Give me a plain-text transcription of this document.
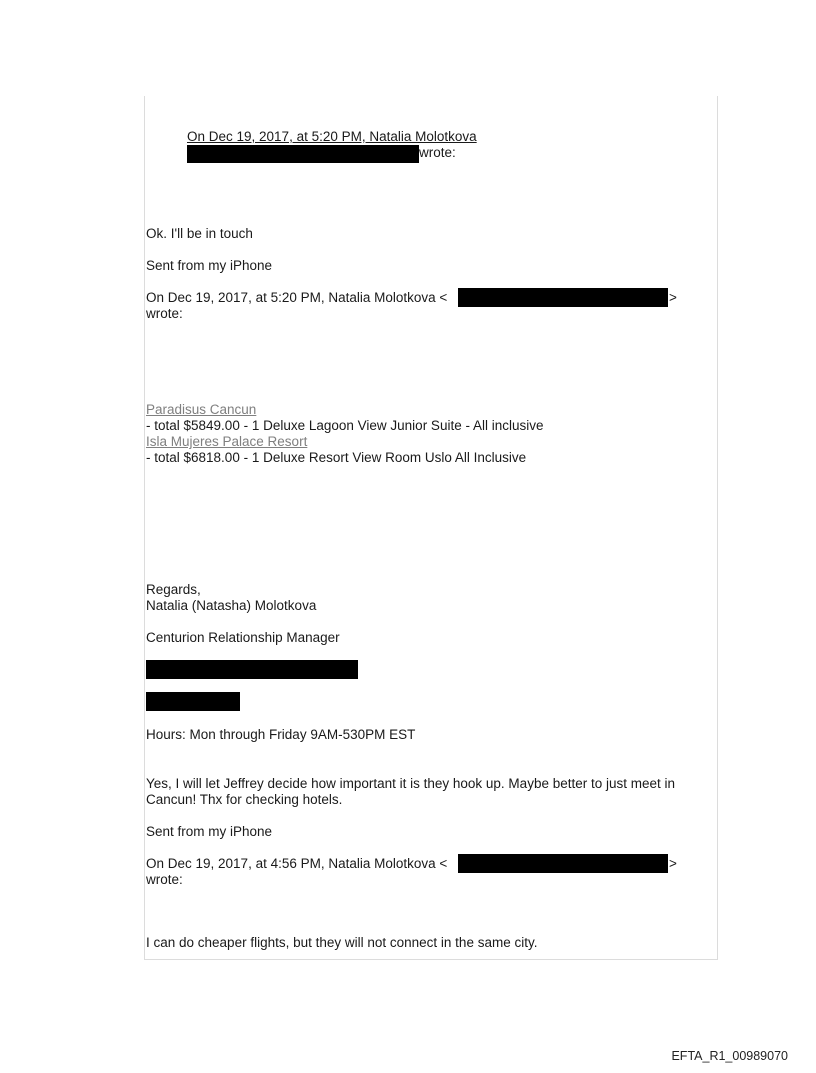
On Dec 19, 2017, at 5:20 PM, Natalia Molotkova
wrote:
Ok. I'll be in touch
Sent from my iPhone
On Dec 19, 2017, at 5:20 PM, Natalia Molotkova <	>
wrote:
Paradisus Cancun
- total $5849.00 - 1 Deluxe Lagoon View Junior Suite - All inclusive
Isla Mujeres Palace Resort
- total $6818.00 - 1 Deluxe Resort View Room Uslo All Inclusive
Regards,
Natalia (Natasha) Molotkova
Centurion Relationship Manager
Hours: Mon through Friday 9AM-530PM EST
Yes, I will let Jeffrey decide how important it is they hook up. Maybe better to just meet in
Cancun! Thx for checking hotels.
Sent from my iPhone
On Dec 19, 2017, at 4:56 PM, Natalia Molotkova <	>
wrote:
I can do cheaper flights, but they will not connect in the same city.
EFTA_R1_00989070
